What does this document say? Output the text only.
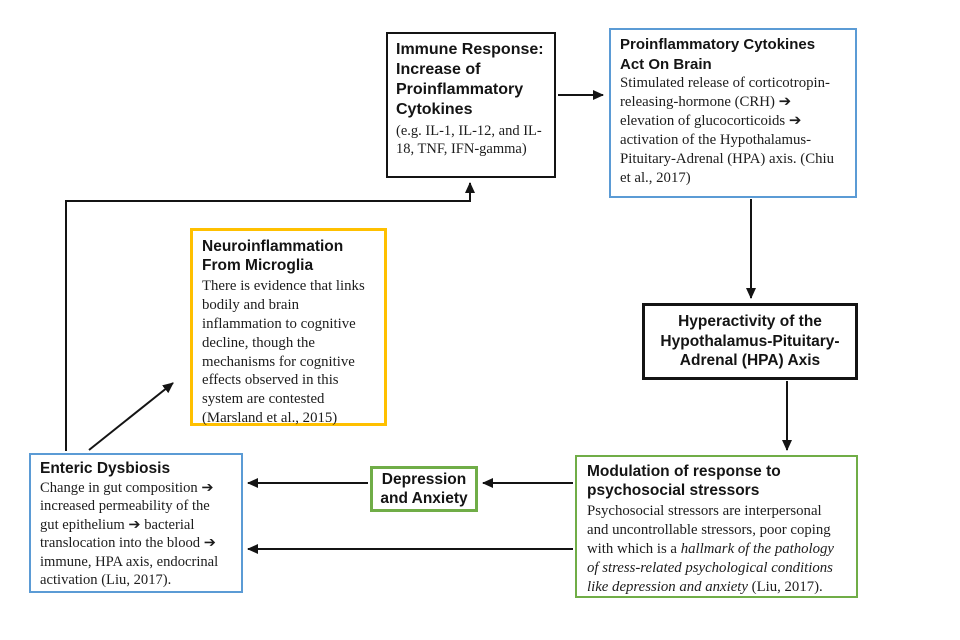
Immune Response: Increase of Proinflammatory Cytokines

(e.g. IL-1, IL-12, and IL-18, TNF, IFN-gamma)

Proinflammatory Cytokines Act On Brain

Stimulated release of corticotropin-releasing-hormone (CRH) ➔ elevation of glucocorticoids ➔ activation of the Hypothalamus-Pituitary-Adrenal (HPA) axis. (Chiu et al., 2017)

Neuroinflammation From Microglia

There is evidence that links bodily and brain inflammation to cognitive decline, though the mechanisms for cognitive effects observed in this system are contested (Marsland et al., 2015)

Hyperactivity of the Hypothalamus-Pituitary-Adrenal (HPA) Axis
Enteric Dysbiosis

Change in gut composition ➔ increased permeability of the gut epithelium ➔ bacterial translocation into the blood ➔ immune, HPA axis, endocrinal activation (Liu, 2017).

Depression and Anxiety
Modulation of response to psychosocial stressors

Psychosocial stressors are interpersonal and uncontrollable stressors, poor coping with which is a hallmark of the pathology of stress-related psychological conditions like depression and anxiety (Liu, 2017).
